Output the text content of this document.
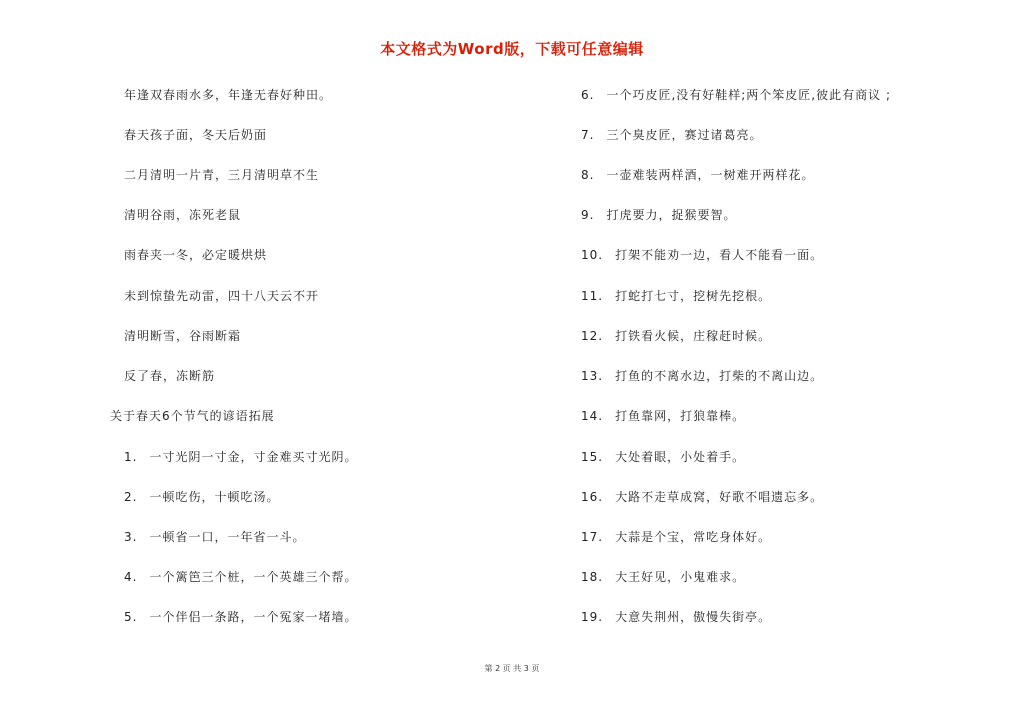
本文格式为Word版，下载可任意编辑
年逢双春雨水多，年逢无春好种田。
春天孩子面，冬天后奶面
二月清明一片青，三月清明草不生
清明谷雨，冻死老鼠
雨春夹一冬，必定暖烘烘
未到惊蛰先动雷，四十八天云不开
清明断雪，谷雨断霜
反了春，冻断筋
关于春天6个节气的谚语拓展
1. 一寸光阴一寸金，寸金难买寸光阴。
2. 一顿吃伤，十顿吃汤。
3. 一顿省一口，一年省一斗。
4. 一个篱笆三个桩，一个英雄三个帮。
5. 一个伴侣一条路，一个冤家一堵墙。
6. 一个巧皮匠,没有好鞋样;两个笨皮匠,彼此有商议 ;
7. 三个臭皮匠，赛过诸葛亮。
8. 一壶难装两样酒，一树难开两样花。
9. 打虎要力，捉猴要智。
10. 打架不能劝一边，看人不能看一面。
11. 打蛇打七寸，挖树先挖根。
12. 打铁看火候，庄稼赶时候。
13. 打鱼的不离水边，打柴的不离山边。
14. 打鱼靠网，打狼靠棒。
15. 大处着眼，小处着手。
16. 大路不走草成窝，好歌不唱遗忘多。
17. 大蒜是个宝，常吃身体好。
18. 大王好见，小鬼难求。
19. 大意失荆州，傲慢失街亭。
第 2 页 共 3 页
